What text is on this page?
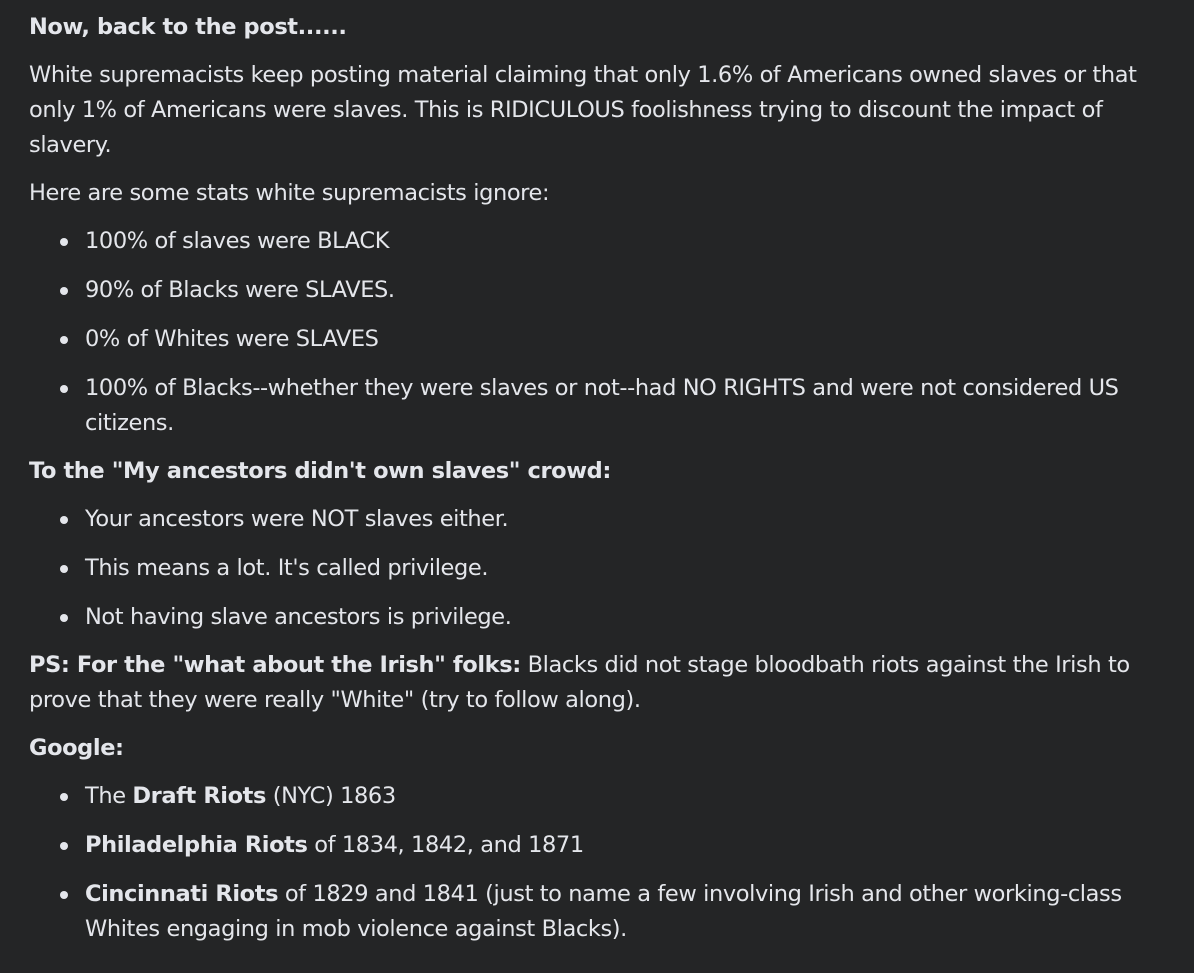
Now, back to the post......
White supremacists keep posting material claiming that only 1.6% of Americans owned slaves or that only 1% of Americans were slaves. This is RIDICULOUS foolishness trying to discount the impact of slavery.
Here are some stats white supremacists ignore:
100% of slaves were BLACK
90% of Blacks were SLAVES.
0% of Whites were SLAVES
100% of Blacks--whether they were slaves or not--had NO RIGHTS and were not considered US citizens.
To the "My ancestors didn't own slaves" crowd:
Your ancestors were NOT slaves either.
This means a lot. It's called privilege.
Not having slave ancestors is privilege.
PS: For the "what about the Irish" folks: Blacks did not stage bloodbath riots against the Irish to prove that they were really "White" (try to follow along).
Google:
The Draft Riots (NYC) 1863
Philadelphia Riots of 1834, 1842, and 1871
Cincinnati Riots of 1829 and 1841 (just to name a few involving Irish and other working-class Whites engaging in mob violence against Blacks).
